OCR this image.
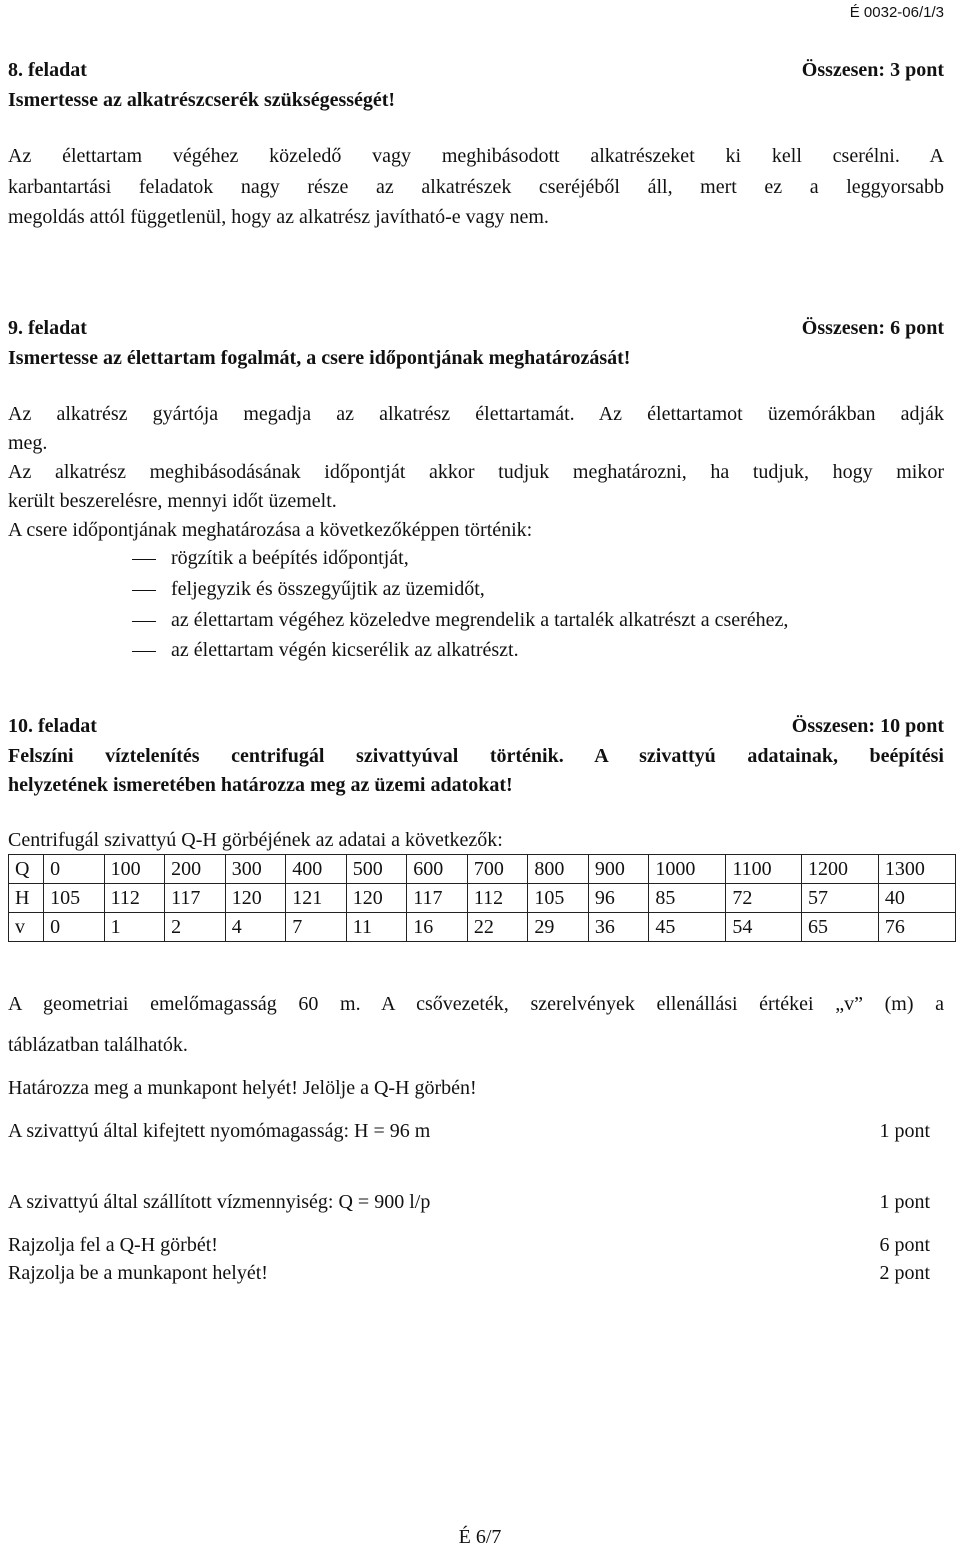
É 0032-06/1/3
8. feladat	Összesen: 3 pont
Ismertesse az alkatrészcserék szükségességét!
Az élettartam végéhez közeledő vagy meghibásodott alkatrészeket ki kell cserélni. A
karbantartási feladatok nagy része az alkatrészek cseréjéből áll, mert ez a leggyorsabb
megoldás attól függetlenül, hogy az alkatrész javítható-e vagy nem.
9. feladat	Összesen: 6 pont
Ismertesse az élettartam fogalmát, a csere időpontjának meghatározását!
Az alkatrész gyártója megadja az alkatrész élettartamát. Az élettartamot üzemórákban adják
meg.
Az alkatrész meghibásodásának időpontját akkor tudjuk meghatározni, ha tudjuk, hogy mikor
került beszerelésre, mennyi időt üzemelt.
A csere időpontjának meghatározása a következőképpen történik:
rögzítik a beépítés időpontját,
feljegyzik és összegyűjtik az üzemidőt,
az élettartam végéhez közeledve megrendelik a tartalék alkatrészt a cseréhez,
az élettartam végén kicserélik az alkatrészt.
10. feladat	Összesen: 10 pont
Felszíni víztelenítés centrifugál szivattyúval történik. A szivattyú adatainak, beépítési
helyzetének ismeretében határozza meg az üzemi adatokat!
Centrifugál szivattyú Q-H görbéjének az adatai a következők:
Q	0	100	200	300	400	500	600	700	800	900	1000	1100	1200	1300
H	105	112	117	120	121	120	117	112	105	96	85	72	57	40
v	0	1	2	4	7	11	16	22	29	36	45	54	65	76
A geometriai emelőmagasság 60 m. A csővezeték, szerelvények ellenállási értékei „v” (m) a
táblázatban találhatók.
Határozza meg a munkapont helyét! Jelölje a Q-H görbén!
A szivattyú által kifejtett nyomómagasság: H = 96 m	1 pont
A szivattyú által szállított vízmennyiség: Q = 900 l/p	1 pont
Rajzolja fel a Q-H görbét!	6 pont
Rajzolja be a munkapont helyét!	2 pont
É 6/7
